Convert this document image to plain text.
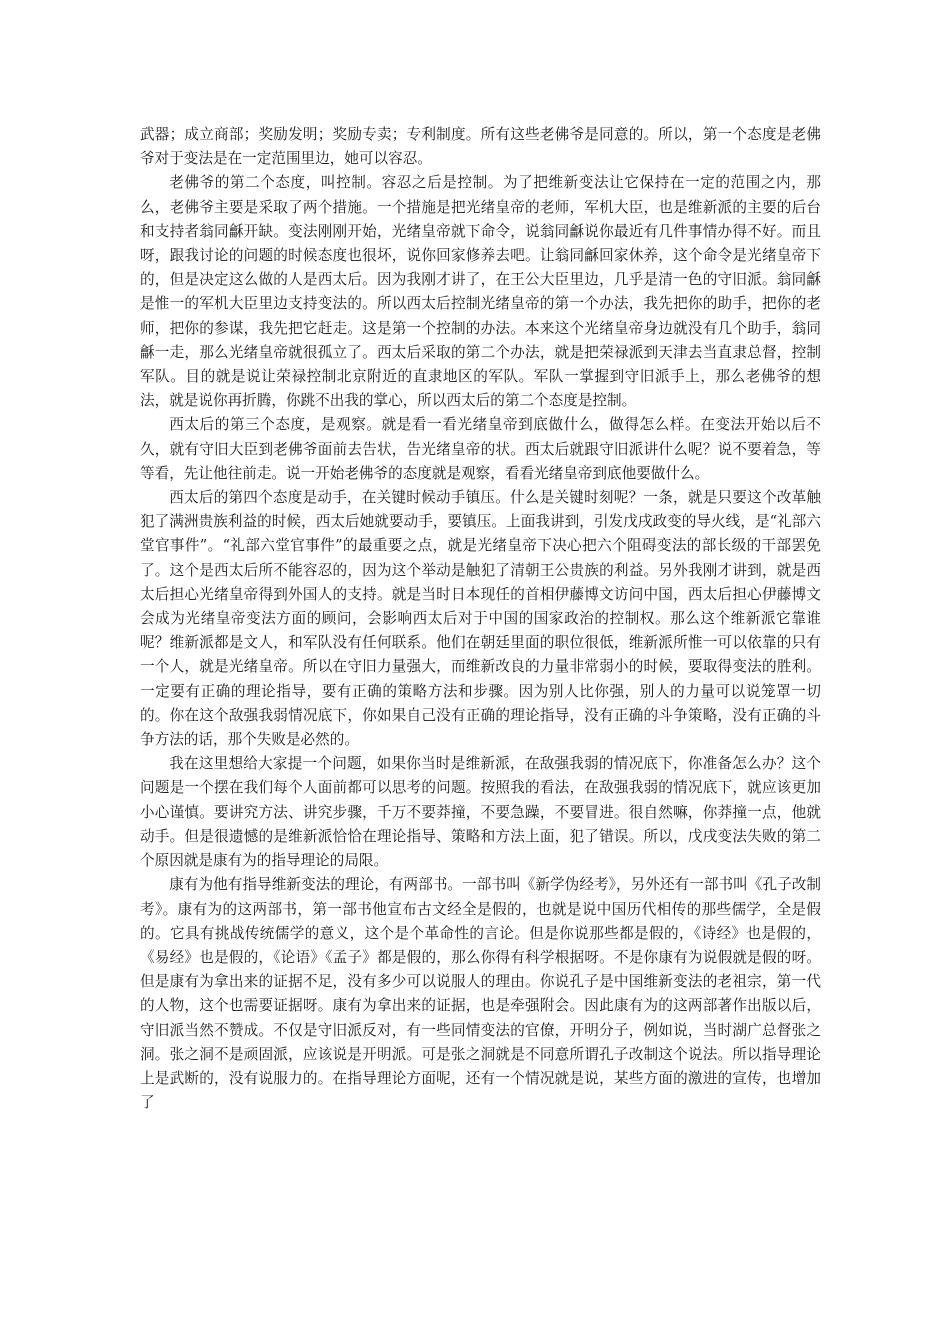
武器；成立商部；奖励发明；奖励专卖；专利制度。所有这些老佛爷是同意的。所以，第一个态度是老佛爷对于变法是在一定范围里边，她可以容忍。

老佛爷的第二个态度，叫控制。容忍之后是控制。为了把维新变法让它保持在一定的范围之内，那么，老佛爷主要是采取了两个措施。一个措施是把光绪皇帝的老师，军机大臣，也是维新派的主要的后台和支持者翁同龢开缺。变法刚刚开始，光绪皇帝就下命令，说翁同龢说你最近有几件事情办得不好。而且呀，跟我讨论的问题的时候态度也很坏，说你回家修养去吧。让翁同龢回家休养，这个命令是光绪皇帝下的，但是决定这么做的人是西太后。因为我刚才讲了，在王公大臣里边，几乎是清一色的守旧派。翁同龢是惟一的军机大臣里边支持变法的。所以西太后控制光绪皇帝的第一个办法，我先把你的助手，把你的老师，把你的参谋，我先把它赶走。这是第一个控制的办法。本来这个光绪皇帝身边就没有几个助手，翁同龢一走，那么光绪皇帝就很孤立了。西太后采取的第二个办法，就是把荣禄派到天津去当直隶总督，控制军队。目的就是说让荣禄控制北京附近的直隶地区的军队。军队一掌握到守旧派手上，那么老佛爷的想法，就是说你再折腾，你跳不出我的掌心，所以西太后的第二个态度是控制。

西太后的第三个态度，是观察。就是看一看光绪皇帝到底做什么，做得怎么样。在变法开始以后不久，就有守旧大臣到老佛爷面前去告状，告光绪皇帝的状。西太后就跟守旧派讲什么呢？说不要着急，等等看，先让他往前走。说一开始老佛爷的态度就是观察，看看光绪皇帝到底他要做什么。

西太后的第四个态度是动手，在关键时候动手镇压。什么是关键时刻呢？一条，就是只要这个改革触犯了满洲贵族利益的时候，西太后她就要动手，要镇压。上面我讲到，引发戊戌政变的导火线，是“礼部六堂官事件”。“礼部六堂官事件”的最重要之点，就是光绪皇帝下决心把六个阻碍变法的部长级的干部罢免了。这个是西太后所不能容忍的，因为这个举动是触犯了清朝王公贵族的利益。另外我刚才讲到，就是西太后担心光绪皇帝得到外国人的支持。就是当时日本现任的首相伊藤博文访问中国，西太后担心伊藤博文会成为光绪皇帝变法方面的顾问，会影响西太后对于中国的国家政治的控制权。那么这个维新派它靠谁呢？维新派都是文人，和军队没有任何联系。他们在朝廷里面的职位很低，维新派所惟一可以依靠的只有一个人，就是光绪皇帝。所以在守旧力量强大，而维新改良的力量非常弱小的时候，要取得变法的胜利。一定要有正确的理论指导，要有正确的策略方法和步骤。因为别人比你强，别人的力量可以说笼罩一切的。你在这个敌强我弱情况底下，你如果自己没有正确的理论指导，没有正确的斗争策略，没有正确的斗争方法的话，那个失败是必然的。

我在这里想给大家提一个问题，如果你当时是维新派，在敌强我弱的情况底下，你准备怎么办？这个问题是一个摆在我们每个人面前都可以思考的问题。按照我的看法，在敌强我弱的情况底下，就应该更加小心谨慎。要讲究方法、讲究步骤，千万不要莽撞，不要急躁，不要冒进。很自然嘛，你莽撞一点，他就动手。但是很遗憾的是维新派恰恰在理论指导、策略和方法上面，犯了错误。所以，戊戌变法失败的第二个原因就是康有为的指导理论的局限。

康有为他有指导维新变法的理论，有两部书。一部书叫《新学伪经考》，另外还有一部书叫《孔子改制考》。康有为的这两部书，第一部书他宣布古文经全是假的，也就是说中国历代相传的那些儒学，全是假的。它具有挑战传统儒学的意义，这个是个革命性的言论。但是你说那些都是假的，《诗经》也是假的，《易经》也是假的，《论语》《孟子》都是假的，那么你得有科学根据呀。不是你康有为说假就是假的呀。但是康有为拿出来的证据不足，没有多少可以说服人的理由。你说孔子是中国维新变法的老祖宗，第一代的人物，这个也需要证据呀。康有为拿出来的证据，也是牵强附会。因此康有为的这两部著作出版以后，守旧派当然不赞成。不仅是守旧派反对，有一些同情变法的官僚，开明分子，例如说，当时湖广总督张之洞。张之洞不是顽固派，应该说是开明派。可是张之洞就是不同意所谓孔子改制这个说法。所以指导理论上是武断的，没有说服力的。在指导理论方面呢，还有一个情况就是说，某些方面的激进的宣传，也增加了
